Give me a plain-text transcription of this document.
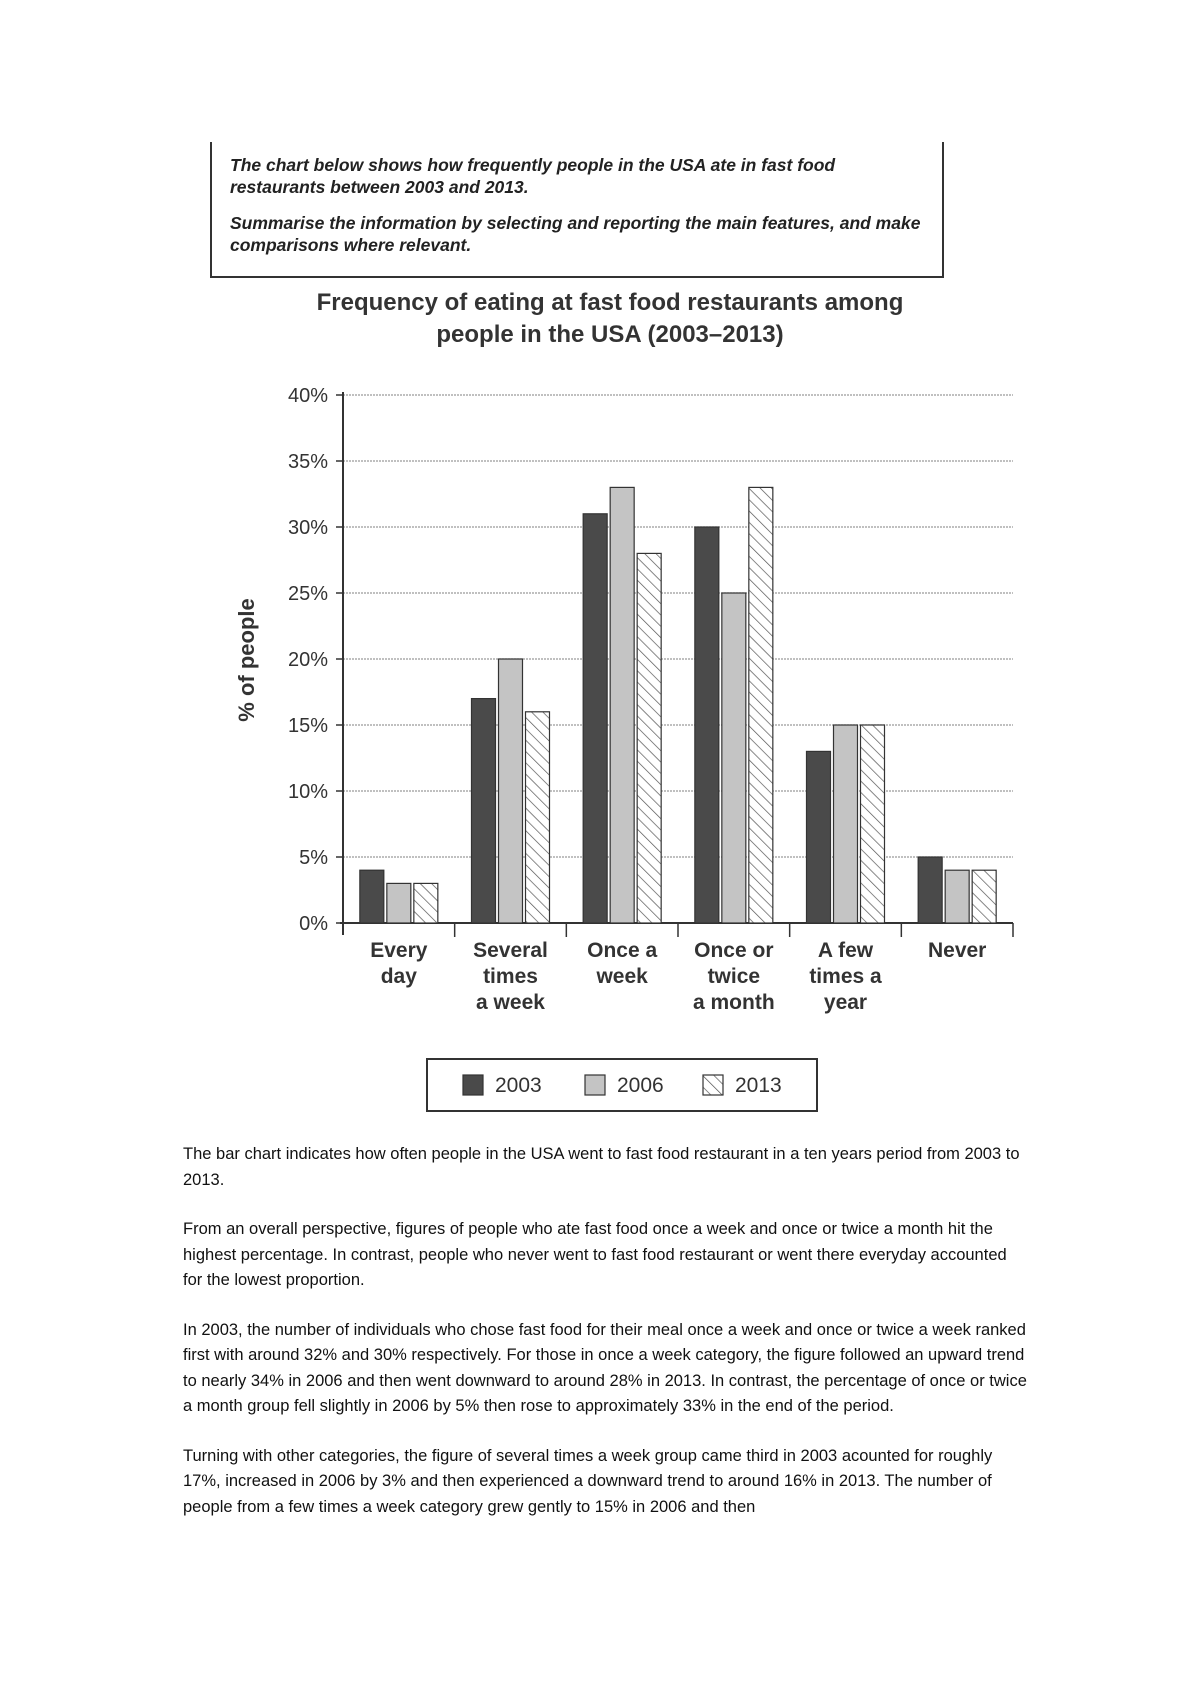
The chart below shows how frequently people in the USA ate in fast food restaurants between 2003 and 2013.

Summarise the information by selecting and reporting the main features, and make comparisons where relevant.

Frequency of eating at fast food restaurants among
people in the USA (2003–2013)
0%
5%
10%
15%
20%
25%
30%
35%
40%
% of people
Every
day
Several
times
a week
Once a
week
Once or
twice
a month
A few
times a
year
Never
2003	2006	2013

The bar chart indicates how often people in the USA went to fast food restaurant in a ten years period from 2003 to 2013.

From an overall perspective, figures of people who ate fast food once a week and once or twice a month hit the highest percentage. In contrast, people who never went to fast food restaurant or went there everyday accounted for the lowest proportion.

In 2003, the number of individuals who chose fast food for their meal once a week and once or twice a week ranked first with around 32% and 30% respectively. For those in once a week category, the figure followed an upward trend to nearly 34% in 2006 and then went downward to around 28% in 2013. In contrast, the percentage of once or twice a month group fell slightly in 2006 by 5% then rose to approximately 33% in the end of the period.

Turning with other categories, the figure of several times a week group came third in 2003 acounted for roughly 17%, increased in 2006 by 3% and then experienced a downward trend to around 16% in 2013. The number of people from a few times a week category grew gently to 15% in 2006 and then
